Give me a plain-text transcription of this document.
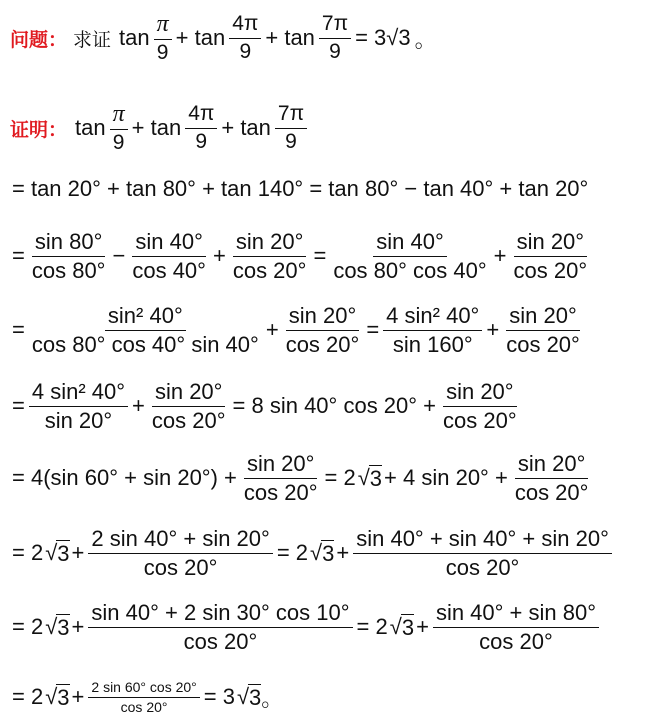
问题： 求证 $\tan \frac{\pi}{9} + \tan \frac{4\pi}{9} + \tan \frac{7\pi}{9} = 3√3$ 。
证明： $\tan \frac{\pi}{9} + \tan \frac{4\pi}{9} + \tan \frac{7\pi}{9}$
= tan 20° + tan 80° + tan 140° = tan 80° − tan 40° + tan 20°
= $\frac{\sin 80^\circ}{\cos 80^\circ} - \frac{\sin 40^\circ}{\cos 40^\circ} + \frac{\sin 20^\circ}{\cos 20^\circ} = \frac{\sin 40^\circ}{\cos 80^\circ \cos 40^\circ} + \frac{\sin 20^\circ}{\cos 20^\circ}$
= $\frac{\text{sin² 40°}}{\cos 80^\circ \cos 40^\circ \sin 40^\circ} + \frac{\sin 20^\circ}{\cos 20^\circ} = \frac{\text{4 sin² 40°}}{\sin 160^\circ} + \frac{\sin 20^\circ}{\cos 20^\circ}$
= $\frac{\text{4 sin² 40°}}{\sin 20^\circ} + \frac{\sin 20^\circ}{\cos 20^\circ} = 8$ sin 40° $\cos 20^\circ + \frac{\sin 20^\circ}{\cos 20^\circ}$
= 4(sin $60^\circ + \sin 20^\circ) + \frac{\sin 20^\circ}{\cos 20^\circ} = 2$ √ 3 + 4 $\sin 20^\circ + \frac{\sin 20^\circ}{\cos 20^\circ}$
= 2 √ $3 + \frac{2 \sin 40^\circ + \sin 20^\circ}{\cos 20^\circ} = 2$ √ $3 + \frac{\sin 40^\circ + \sin 40^\circ + \sin 20^\circ}{\cos 20^\circ}$
= 2 √ $3 + \frac{\sin 40^\circ + 2 \sin 30^\circ \cos 10^\circ}{\cos 20^\circ} = 2$ √ $3 + \frac{\sin 40^\circ + \sin 80^\circ}{\cos 20^\circ}$
= 2 √ $3 + \frac{2 \sin 60^\circ \cos 20^\circ}{\cos 20^\circ} = 3$ √ 3 。
